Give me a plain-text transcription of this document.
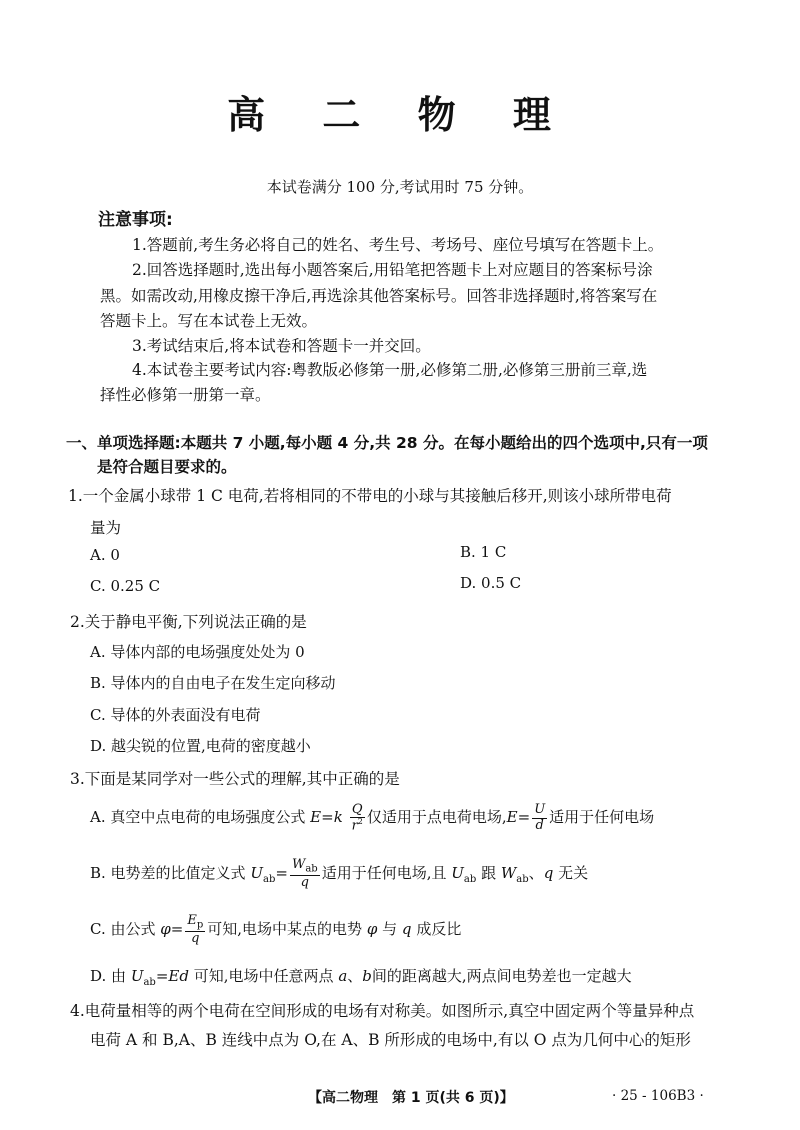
高 二 物 理
本试卷满分 100 分,考试用时 75 分钟。
注意事项:
1.答题前,考生务必将自己的姓名、考生号、考场号、座位号填写在答题卡上。
2.回答选择题时,选出每小题答案后,用铅笔把答题卡上对应题目的答案标号涂
黑。如需改动,用橡皮擦干净后,再选涂其他答案标号。回答非选择题时,将答案写在
答题卡上。写在本试卷上无效。
3.考试结束后,将本试卷和答题卡一并交回。
4.本试卷主要考试内容:粤教版必修第一册,必修第二册,必修第三册前三章,选
择性必修第一册第一章。
一、单项选择题:本题共 7 小题,每小题 4 分,共 28 分。在每小题给出的四个选项中,只有一项
是符合题目要求的。
1.一个金属小球带 1 C 电荷,若将相同的不带电的小球与其接触后移开,则该小球所带电荷
量为
A. 0	B. 1 C
C. 0.25 C	D. 0.5 C
2.关于静电平衡,下列说法正确的是
A. 导体内部的电场强度处处为 0
B. 导体内的自由电子在发生定向移动
C. 导体的外表面没有电荷
D. 越尖锐的位置,电荷的密度越小
3.下面是某同学对一些公式的理解,其中正确的是
A. 真空中点电荷的电场强度公式 $E=k \frac{Q}{r^2}$ 仅适用于点电荷电场$,E= \frac{U}{d}$ 适用于任何电场
B. 电势差的比值定义式 $U_{ab}= \frac{W_{ab}}{q}$ 适用于任何电场,且 $U_{ab}$ 跟 $W_{ab}$、q 无关
C. 由公式 $\varphi= \frac{E_p}{q}$ 可知,电场中某点的电势 φ 与 q 成反比
D. 由 $U_{ab}=Ed$ 可知,电场中任意两点 a、b间的距离越大,两点间电势差也一定越大
4.电荷量相等的两个电荷在空间形成的电场有对称美。如图所示,真空中固定两个等量异种点
电荷 A 和 B,A、B 连线中点为 O,在 A、B 所形成的电场中,有以 O 点为几何中心的矩形
【高二物理　第 1 页(共 6 页)】	· 25 - 106B3 ·
